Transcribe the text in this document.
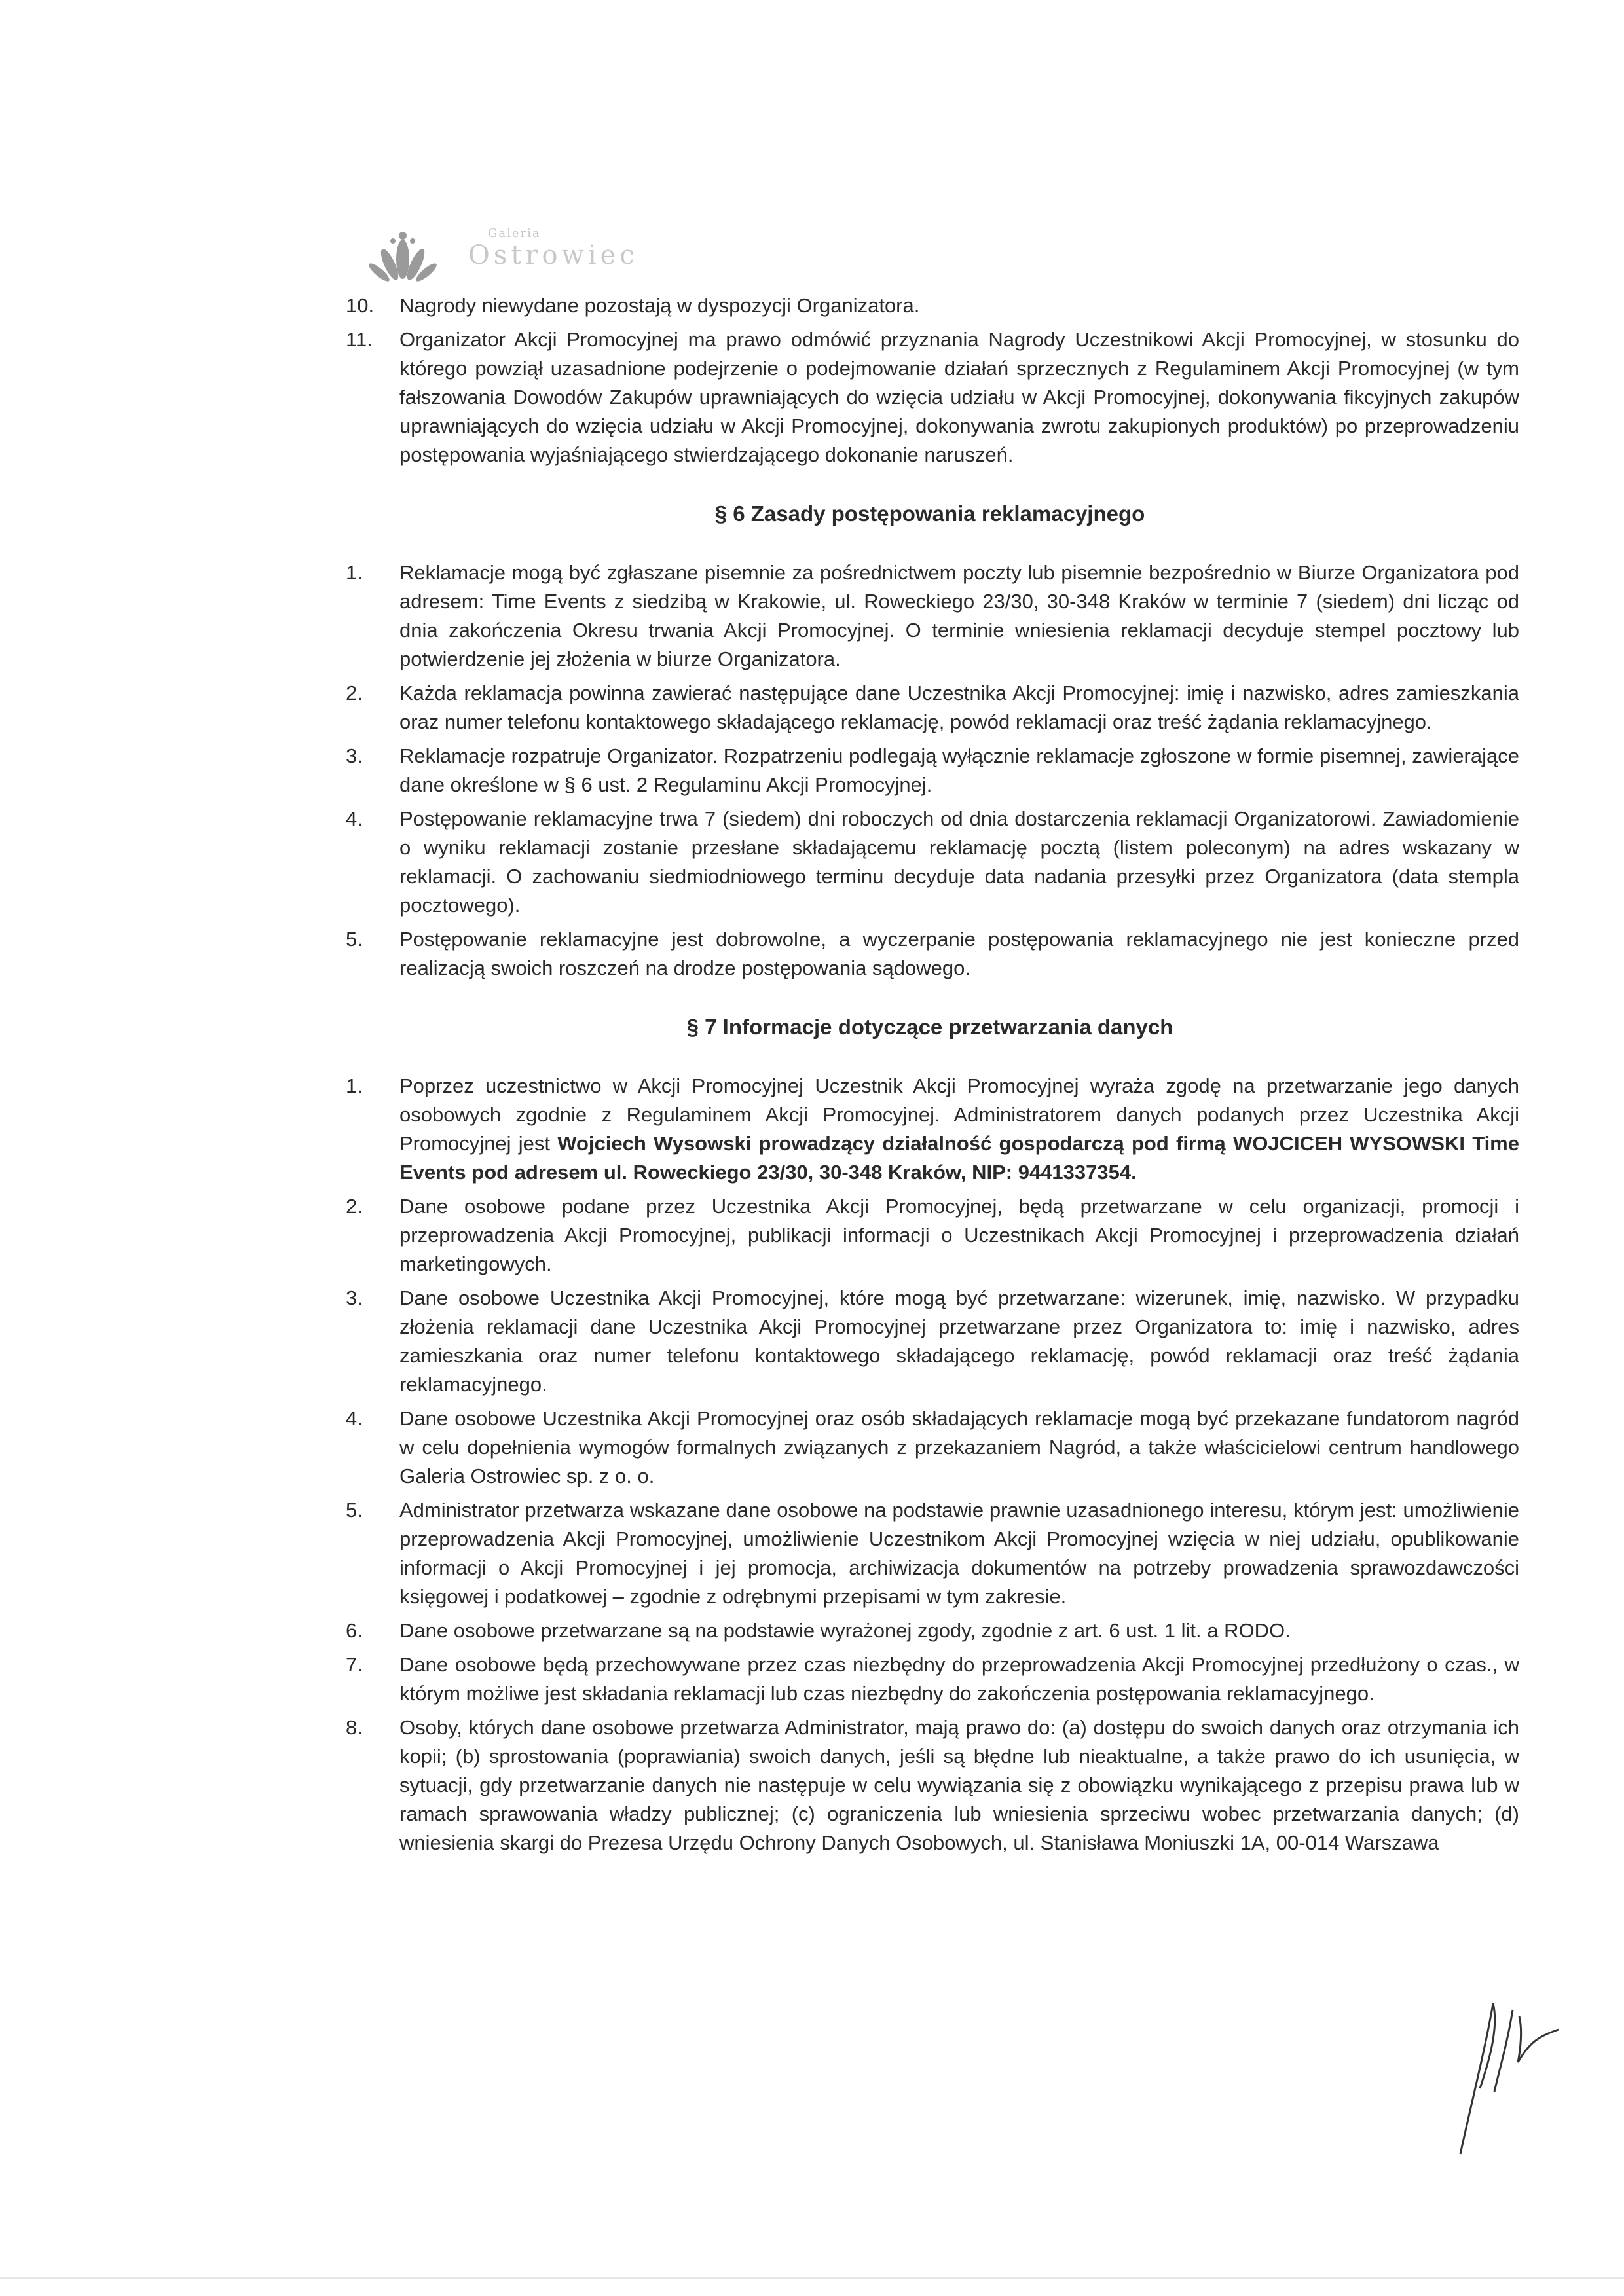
Galeria
Ostrowiec

10. Nagrody niewydane pozostają w dyspozycji Organizatora.

11. Organizator Akcji Promocyjnej ma prawo odmówić przyznania Nagrody Uczestnikowi Akcji Promocyjnej, w stosunku do którego powziął uzasadnione podejrzenie o podejmowanie działań sprzecznych z Regulaminem Akcji Promocyjnej (w tym fałszowania Dowodów Zakupów uprawniających do wzięcia udziału w Akcji Promocyjnej, dokonywania fikcyjnych zakupów uprawniających do wzięcia udziału w Akcji Promocyjnej, dokonywania zwrotu zakupionych produktów) po przeprowadzeniu postępowania wyjaśniającego stwierdzającego dokonanie naruszeń.

§ 6 Zasady postępowania reklamacyjnego

1. Reklamacje mogą być zgłaszane pisemnie za pośrednictwem poczty lub pisemnie bezpośrednio w Biurze Organizatora pod adresem: Time Events z siedzibą w Krakowie, ul. Roweckiego 23/30, 30-348 Kraków w terminie 7 (siedem) dni licząc od dnia zakończenia Okresu trwania Akcji Promocyjnej. O terminie wniesienia reklamacji decyduje stempel pocztowy lub potwierdzenie jej złożenia w biurze Organizatora.

2. Każda reklamacja powinna zawierać następujące dane Uczestnika Akcji Promocyjnej: imię i nazwisko, adres zamieszkania oraz numer telefonu kontaktowego składającego reklamację, powód reklamacji oraz treść żądania reklamacyjnego.

3. Reklamacje rozpatruje Organizator. Rozpatrzeniu podlegają wyłącznie reklamacje zgłoszone w formie pisemnej, zawierające dane określone w § 6 ust. 2 Regulaminu Akcji Promocyjnej.

4. Postępowanie reklamacyjne trwa 7 (siedem) dni roboczych od dnia dostarczenia reklamacji Organizatorowi. Zawiadomienie o wyniku reklamacji zostanie przesłane składającemu reklamację pocztą (listem poleconym) na adres wskazany w reklamacji. O zachowaniu siedmiodniowego terminu decyduje data nadania przesyłki przez Organizatora (data stempla pocztowego).

5. Postępowanie reklamacyjne jest dobrowolne, a wyczerpanie postępowania reklamacyjnego nie jest konieczne przed realizacją swoich roszczeń na drodze postępowania sądowego.

§ 7 Informacje dotyczące przetwarzania danych

1. Poprzez uczestnictwo w Akcji Promocyjnej Uczestnik Akcji Promocyjnej wyraża zgodę na przetwarzanie jego danych osobowych zgodnie z Regulaminem Akcji Promocyjnej. Administratorem danych podanych przez Uczestnika Akcji Promocyjnej jest Wojciech Wysowski prowadzący działalność gospodarczą pod firmą WOJCICEH WYSOWSKI Time Events pod adresem ul. Roweckiego 23/30, 30-348 Kraków, NIP: 9441337354.

2. Dane osobowe podane przez Uczestnika Akcji Promocyjnej, będą przetwarzane w celu organizacji, promocji i przeprowadzenia Akcji Promocyjnej, publikacji informacji o Uczestnikach Akcji Promocyjnej i przeprowadzenia działań marketingowych.

3. Dane osobowe Uczestnika Akcji Promocyjnej, które mogą być przetwarzane: wizerunek, imię, nazwisko. W przypadku złożenia reklamacji dane Uczestnika Akcji Promocyjnej przetwarzane przez Organizatora to: imię i nazwisko, adres zamieszkania oraz numer telefonu kontaktowego składającego reklamację, powód reklamacji oraz treść żądania reklamacyjnego.

4. Dane osobowe Uczestnika Akcji Promocyjnej oraz osób składających reklamacje mogą być przekazane fundatorom nagród w celu dopełnienia wymogów formalnych związanych z przekazaniem Nagród, a także właścicielowi centrum handlowego Galeria Ostrowiec sp. z o. o.

5. Administrator przetwarza wskazane dane osobowe na podstawie prawnie uzasadnionego interesu, którym jest: umożliwienie przeprowadzenia Akcji Promocyjnej, umożliwienie Uczestnikom Akcji Promocyjnej wzięcia w niej udziału, opublikowanie informacji o Akcji Promocyjnej i jej promocja, archiwizacja dokumentów na potrzeby prowadzenia sprawozdawczości księgowej i podatkowej – zgodnie z odrębnymi przepisami w tym zakresie.

6. Dane osobowe przetwarzane są na podstawie wyrażonej zgody, zgodnie z art. 6 ust. 1 lit. a RODO.

7. Dane osobowe będą przechowywane przez czas niezbędny do przeprowadzenia Akcji Promocyjnej przedłużony o czas., w którym możliwe jest składania reklamacji lub czas niezbędny do zakończenia postępowania reklamacyjnego.

8. Osoby, których dane osobowe przetwarza Administrator, mają prawo do: (a) dostępu do swoich danych oraz otrzymania ich kopii; (b) sprostowania (poprawiania) swoich danych, jeśli są błędne lub nieaktualne, a także prawo do ich usunięcia, w sytuacji, gdy przetwarzanie danych nie następuje w celu wywiązania się z obowiązku wynikającego z przepisu prawa lub w ramach sprawowania władzy publicznej; (c) ograniczenia lub wniesienia sprzeciwu wobec przetwarzania danych; (d) wniesienia skargi do Prezesa Urzędu Ochrony Danych Osobowych, ul. Stanisława Moniuszki 1A, 00-014 Warszawa
